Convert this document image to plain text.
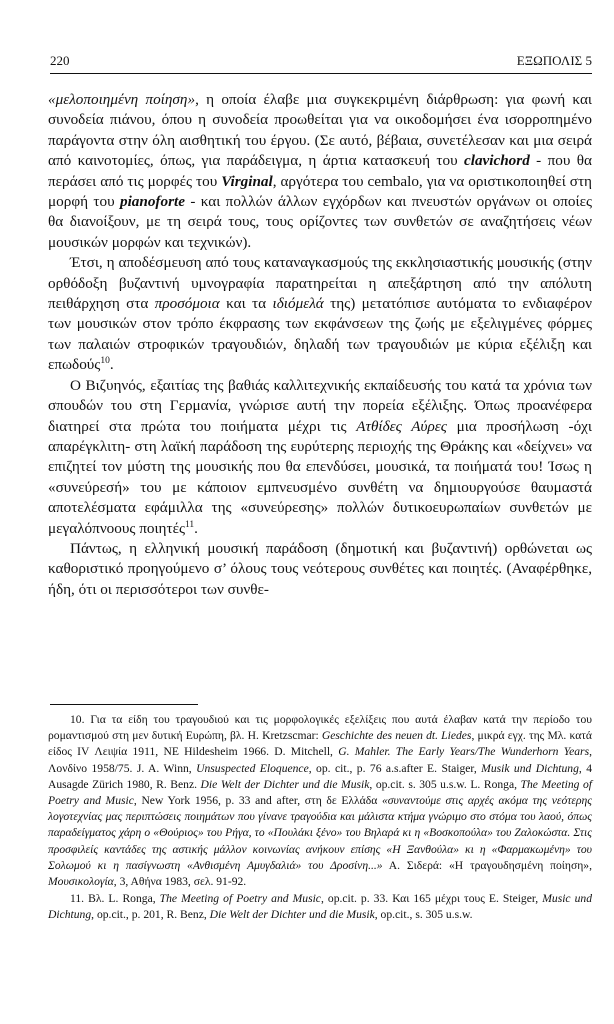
220	ΕΞΩΠΟΛΙΣ 5

«μελοποιημένη ποίηση», η οποία έλαβε μια συγκεκριμένη διάρθρωση: για φωνή και συνοδεία πιάνου, όπου η συνοδεία προωθείται για να οικοδομήσει ένα ισορροπημένο παράγοντα στην όλη αισθητική του έργου. (Σε αυτό, βέβαια, συνετέλεσαν και μια σειρά από καινοτομίες, όπως, για παράδειγμα, η άρτια κατασκευή του clavichord - που θα περάσει από τις μορφές του Virginal, αργότερα του cembalo, για να οριστικοποιηθεί στη μορφή του pianoforte - και πολλών άλλων εγχόρδων και πνευστών οργάνων οι οποίες θα διανοίξουν, με τη σειρά τους, τους ορίζοντες των συνθετών σε αναζητήσεις νέων μουσικών μορφών και τεχνικών).

Έτσι, η αποδέσμευση από τους καταναγκασμούς της εκκλησιαστικής μουσικής (στην ορθόδοξη βυζαντινή υμνογραφία παρατηρείται η απεξάρτηση από την απόλυτη πειθάρχηση στα προσόμοια και τα ιδιόμελά της) μετατόπισε αυτόματα το ενδιαφέρον των μουσικών στον τρόπο έκφρασης των εκφάνσεων της ζωής με εξελιγμένες φόρμες των παλαιών στροφικών τραγουδιών, δηλαδή των τραγουδιών με κύρια εξέλιξη και επωδούς$^{10}$.

Ο Βιζυηνός, εξαιτίας της βαθιάς καλλιτεχνικής εκπαίδευσής του κατά τα χρόνια των σπουδών του στη Γερμανία, γνώρισε αυτή την πορεία εξέλιξης. Όπως προανέφερα διατηρεί στα πρώτα του ποιήματα μέχρι τις Ατθίδες Αύρες μια προσήλωση -όχι απαρέγκλιτη- στη λαϊκή παράδοση της ευρύτερης περιοχής της Θράκης και «δείχνει» να επιζητεί τον μύστη της μουσικής που θα επενδύσει, μουσικά, τα ποιήματά του! Ίσως η «συνεύρεσή» του με κάποιον εμπνευσμένο συνθέτη να δημιουργούσε θαυμαστά αποτελέσματα εφάμιλλα της «συνεύρεσης» πολλών δυτικοευρωπαίων συνθετών με μεγαλόπνοους ποιητές$^{11}$.

Πάντως, η ελληνική μουσική παράδοση (δημοτική και βυζαντινή) ορθώνεται ως καθοριστικό προηγούμενο σ’ όλους τους νεότερους συνθέτες και ποιητές. (Αναφέρθηκε, ήδη, ότι οι περισσότεροι των συνθε-

10. Για τα είδη του τραγουδιού και τις μορφολογικές εξελίξεις που αυτά έλαβαν κατά την περίοδο του ρομαντισμού στη μεν δυτική Ευρώπη, βλ. H. Kretzscmar: Geschichte des neuen dt. Liedes, μικρά εγχ. της Μλ. κατά είδος IV Λειψία 1911, NE Hildesheim 1966. D. Mitchell, G. Mahler. The Early Years/The Wunderhorn Years, Λονδίνο 1958/75. J. A. Winn, Unsuspected Eloquence, op. cit., p. 76 a.s.after E. Staiger, Musik und Dichtung, 4 Ausagde Zürich 1980, R. Benz. Die Welt der Dichter und die Musik, op.cit. s. 305 u.s.w. L. Ronga, The Meeting of Poetry and Music, New York 1956, p. 33 and after, στη δε Ελλάδα «συναντούμε στις αρχές ακόμα της νεότερης λογοτεχνίας μας περιπτώσεις ποιημάτων που γίνανε τραγούδια και μάλιστα κτήμα γνώριμο στο στόμα του λαού, όπως παραδείγματος χάρη ο «Θούριος» του Ρήγα, το «Πουλάκι ξένο» του Βηλαρά κι η «Βοσκοπούλα» του Ζαλοκώστα. Στις προσφιλείς καντάδες της αστικής μάλλον κοινωνίας ανήκουν επίσης «Η Ξανθούλα» κι η «Φαρμακωμένη» του Σολωμού κι η πασίγνωστη «Ανθισμένη Αμυγδαλιά» του Δροσίνη...» Α. Σιδερά: «Η τραγουδησμένη ποίηση», Μουσικολογία, 3, Αθήνα 1983, σελ. 91-92.

11. Βλ. L. Ronga, The Meeting of Poetry and Music, op.cit. p. 33. Και 165 μέχρι τους E. Steiger, Music und Dichtung, op.cit., p. 201, R. Benz, Die Welt der Dichter und die Musik, op.cit., s. 305 u.s.w.
